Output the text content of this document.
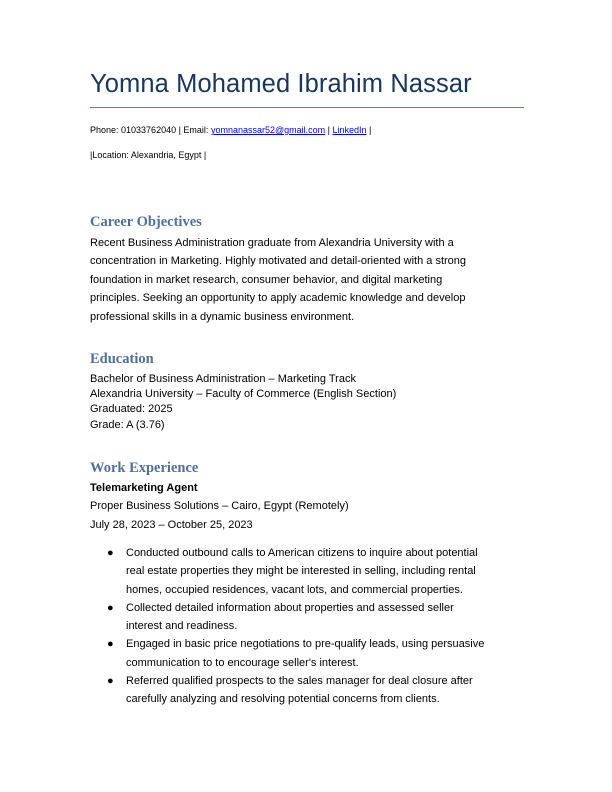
Yomna Mohamed Ibrahim Nassar
Phone: 01033762040 | Email: yomnanassar52@gmail.com | LinkedIn |
|Location: Alexandria, Egypt |
Career Objectives
Recent Business Administration graduate from Alexandria University with a
concentration in Marketing. Highly motivated and detail-oriented with a strong
foundation in market research, consumer behavior, and digital marketing
principles. Seeking an opportunity to apply academic knowledge and develop
professional skills in a dynamic business environment.
Education
Bachelor of Business Administration – Marketing Track
Alexandria University – Faculty of Commerce (English Section)
Graduated: 2025
Grade: A (3.76)
Work Experience
Telemarketing Agent
Proper Business Solutions – Cairo, Egypt (Remotely)
July 28, 2023 – October 25, 2023
● Conducted outbound calls to American citizens to inquire about potential
real estate properties they might be interested in selling, including rental
homes, occupied residences, vacant lots, and commercial properties.
● Collected detailed information about properties and assessed seller
interest and readiness.
● Engaged in basic price negotiations to pre-qualify leads, using persuasive
communication to to encourage seller's interest.
● Referred qualified prospects to the sales manager for deal closure after
carefully analyzing and resolving potential concerns from clients.
